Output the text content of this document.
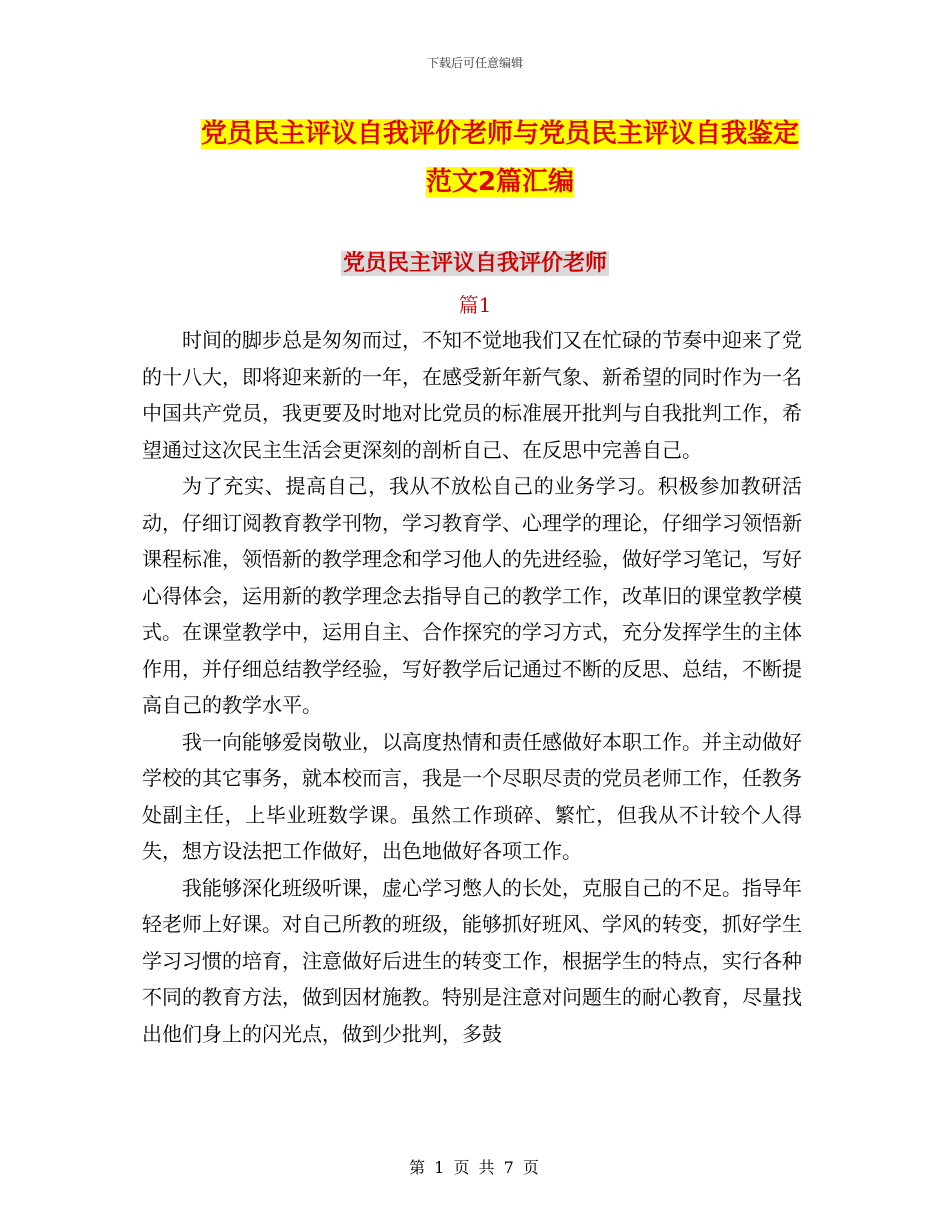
下载后可任意编辑
党员民主评议自我评价老师与党员民主评议自我鉴定
范文2篇汇编
党员民主评议自我评价老师
篇1

时间的脚步总是匆匆而过，不知不觉地我们又在忙碌的节奏中迎来了党的十八大，即将迎来新的一年，在感受新年新气象、新希望的同时作为一名中国共产党员，我更要及时地对比党员的标准展开批判与自我批判工作，希望通过这次民主生活会更深刻的剖析自己、在反思中完善自己。

为了充实、提高自己，我从不放松自己的业务学习。积极参加教研活动，仔细订阅教育教学刊物，学习教育学、心理学的理论，仔细学习领悟新课程标准，领悟新的教学理念和学习他人的先进经验，做好学习笔记，写好心得体会，运用新的教学理念去指导自己的教学工作，改革旧的课堂教学模式。在课堂教学中，运用自主、合作探究的学习方式，充分发挥学生的主体作用，并仔细总结教学经验，写好教学后记通过不断的反思、总结，不断提高自己的教学水平。

我一向能够爱岗敬业，以高度热情和责任感做好本职工作。并主动做好学校的其它事务，就本校而言，我是一个尽职尽责的党员老师工作，任教务处副主任，上毕业班数学课。虽然工作琐碎、繁忙，但我从不计较个人得失，想方设法把工作做好，出色地做好各项工作。

我能够深化班级听课，虚心学习憋人的长处，克服自己的不足。指导年轻老师上好课。对自己所教的班级，能够抓好班风、学风的转变，抓好学生学习习惯的培育，注意做好后进生的转变工作，根据学生的特点，实行各种不同的教育方法，做到因材施教。特别是注意对问题生的耐心教育，尽量找出他们身上的闪光点，做到少批判，多鼓

第 1 页 共 7 页
